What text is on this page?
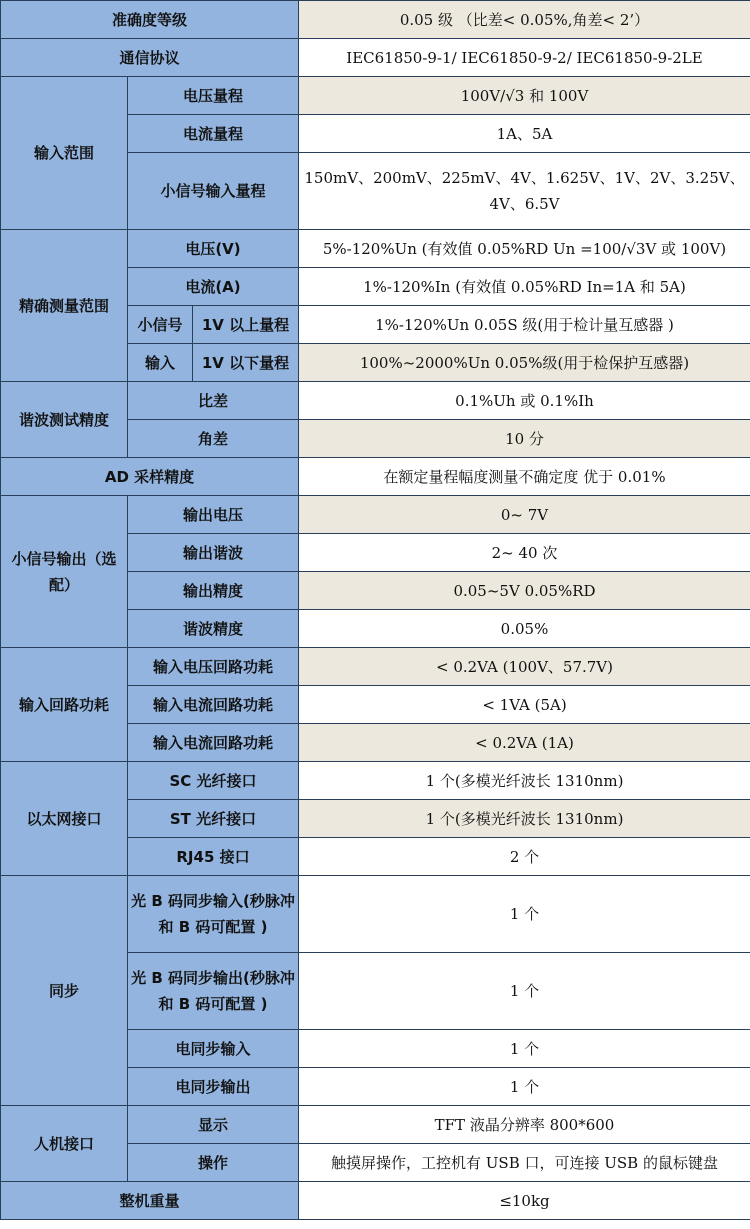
准确度等级			0.05 级 （比差< 0.05%,角差< 2’）
通信协议			IEC61850-9-1/ IEC61850-9-2/ IEC61850-9-2LE
输入范围	电压量程		100V/√3 和 100V
	电流量程		1A、5A
	小信号输入量程		150mV、200mV、225mV、4V、1.625V、1V、2V、3.25V、4V、6.5V
精确测量范围	电压(V)		5%-120%Un (有效值 0.05%RD Un =100/√3V 或 100V)
	电流(A)		1%-120%In (有效值 0.05%RD In=1A 和 5A)
	小信号	1V 以上量程	1%-120%Un 0.05S 级(用于检计量互感器 )
	输入	1V 以下量程	100%~2000%Un 0.05%级(用于检保护互感器)
谐波测试精度	比差		0.1%Uh 或 0.1%Ih
	角差		10 分
AD 采样精度			在额定量程幅度测量不确定度 优于 0.01%
小信号输出（选配）	输出电压		0~ 7V
	输出谐波		2~ 40 次
	输出精度		0.05~5V 0.05%RD
	谐波精度		0.05%
输入回路功耗	输入电压回路功耗		< 0.2VA (100V、57.7V)
	输入电流回路功耗		< 1VA (5A)
	输入电流回路功耗		< 0.2VA (1A)
以太网接口	SC 光纤接口		1 个(多模光纤波长 1310nm)
	ST 光纤接口		1 个(多模光纤波长 1310nm)
	RJ45 接口		2 个
同步	光 B 码同步输入(秒脉冲和 B 码可配置 )		1 个
	光 B 码同步输出(秒脉冲和 B 码可配置 )		1 个
	电同步输入		1 个
	电同步输出		1 个
人机接口	显示		TFT 液晶分辨率 800*600
	操作		触摸屏操作，工控机有 USB 口，可连接 USB 的鼠标键盘
整机重量			≤10kg
